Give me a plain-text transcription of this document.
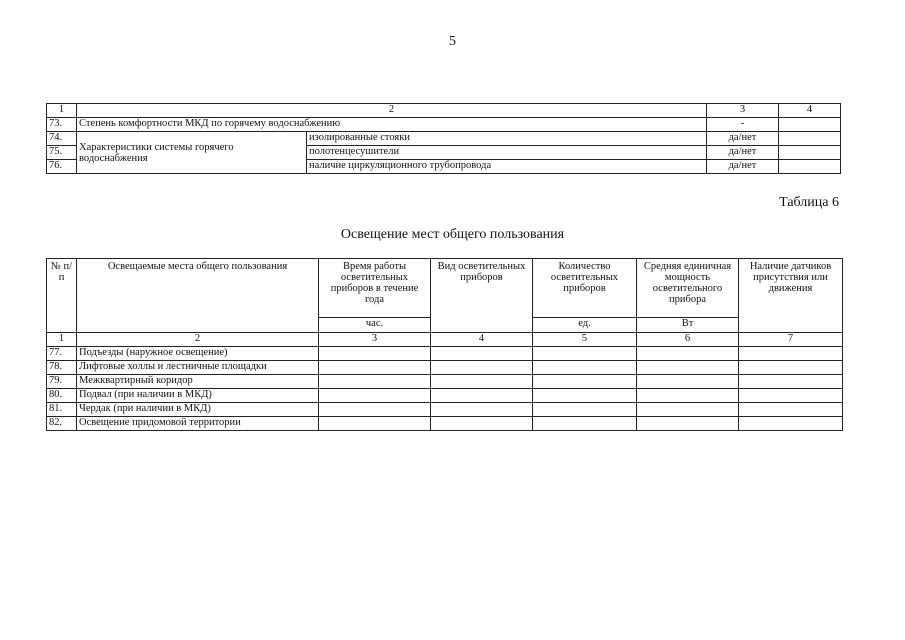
5
1	2		3	4
73.	Степень комфортности МКД по горячему водоснабжению		-	
74.	Характеристики системы горячего водоснабжения	изолированные стояки	да/нет	
75.		полотенцесушители	да/нет	
76.		наличие циркуляционного трубопровода	да/нет	
Таблица 6
Освещение мест общего пользования
№ п/п	Освещаемые места общего пользования	Время работы осветительных приборов в течение года	Вид осветительных приборов	Количество осветительных приборов	Средняя единичная мощность осветительного прибора	Наличие датчиков присутствия или движения
		час.		ед.	Вт	
1	2	3	4	5	6	7
77.	Подъезды (наружное освещение)					
78.	Лифтовые холлы и лестничные площадки					
79.	Межквартирный коридор					
80.	Подвал (при наличии в МКД)					
81.	Чердак (при наличии в МКД)					
82.	Освещение придомовой территории					
